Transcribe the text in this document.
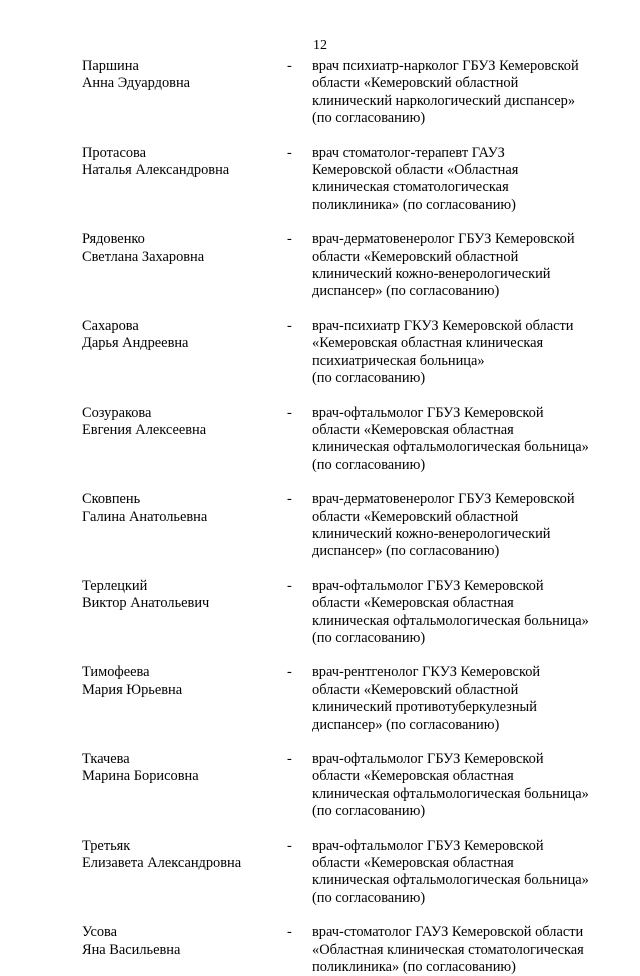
12
Паршина
Анна Эдуардовна
-	врач психиатр-нарколог ГБУЗ Кемеровской
области «Кемеровский областной
клинический наркологический диспансер»
(по согласованию)
Протасова
Наталья Александровна
-	врач стоматолог-терапевт ГАУЗ
Кемеровской области «Областная
клиническая стоматологическая
поликлиника» (по согласованию)
Рядовенко
Светлана Захаровна
-	врач-дерматовенеролог ГБУЗ Кемеровской
области «Кемеровский областной
клинический кожно-венерологический
диспансер» (по согласованию)
Сахарова
Дарья Андреевна
-	врач-психиатр ГКУЗ Кемеровской области
«Кемеровская областная клиническая
психиатрическая больница»
(по согласованию)
Созуракова
Евгения Алексеевна
-	врач-офтальмолог ГБУЗ Кемеровской
области «Кемеровская областная
клиническая офтальмологическая больница»
(по согласованию)
Сковпень
Галина Анатольевна
-	врач-дерматовенеролог ГБУЗ Кемеровской
области «Кемеровский областной
клинический кожно-венерологический
диспансер» (по согласованию)
Терлецкий
Виктор Анатольевич
-	врач-офтальмолог ГБУЗ Кемеровской
области «Кемеровская областная
клиническая офтальмологическая больница»
(по согласованию)
Тимофеева
Мария Юрьевна
-	врач-рентгенолог ГКУЗ Кемеровской
области «Кемеровский областной
клинический противотуберкулезный
диспансер» (по согласованию)
Ткачева
Марина Борисовна
-	врач-офтальмолог ГБУЗ Кемеровской
области «Кемеровская областная
клиническая офтальмологическая больница»
(по согласованию)
Третьяк
Елизавета Александровна
-	врач-офтальмолог ГБУЗ Кемеровской
области «Кемеровская областная
клиническая офтальмологическая больница»
(по согласованию)
Усова
Яна Васильевна
-	врач-стоматолог ГАУЗ Кемеровской области
«Областная клиническая стоматологическая
поликлиника» (по согласованию)
